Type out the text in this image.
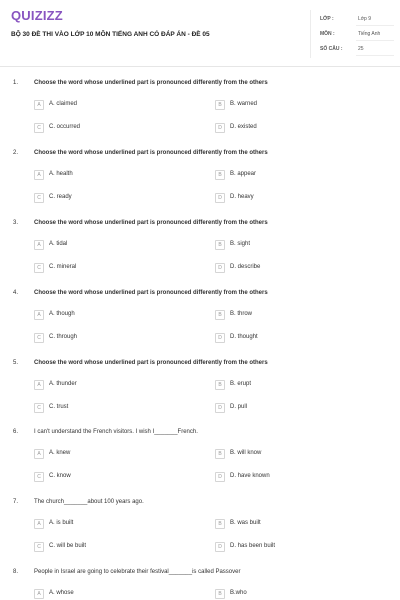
QUIZIZZ
BỘ 30 ĐỀ THI VÀO LỚP 10 MÔN TIẾNG ANH CÓ ĐÁP ÁN - ĐỀ 05
LỚP :	Lớp 9
MÔN :	Tiếng Anh
SỐ CÂU :	25
1.	Choose the word whose underlined part is pronounced differently from the others
A	A. claimed	B	B. warned
C	C. occurred	D	D. existed
2.	Choose the word whose underlined part is pronounced differently from the others
A	A. health	B	B. appear
C	C. ready	D	D. heavy
3.	Choose the word whose underlined part is pronounced differently from the others
A	A. tidal	B	B. sight
C	C. mineral	D	D. describe
4.	Choose the word whose underlined part is pronounced differently from the others
A	A. though	B	B. throw
C	C. through	D	D. thought
5.	Choose the word whose underlined part is pronounced differently from the others
A	A. thunder	B	B. erupt
C	C. trust	D	D. pull
6.	I can't understand the French visitors. I wish I_______French.
A	A. knew	B	B. will know
C	C. know	D	D. have known
7.	The church_______about 100 years ago.
A	A. is built	B	B. was built
C	C. will be built	D	D. has been built
8.	People in Israel are going to celebrate their festival_______is called Passover
A	A. whose	B	B.who
